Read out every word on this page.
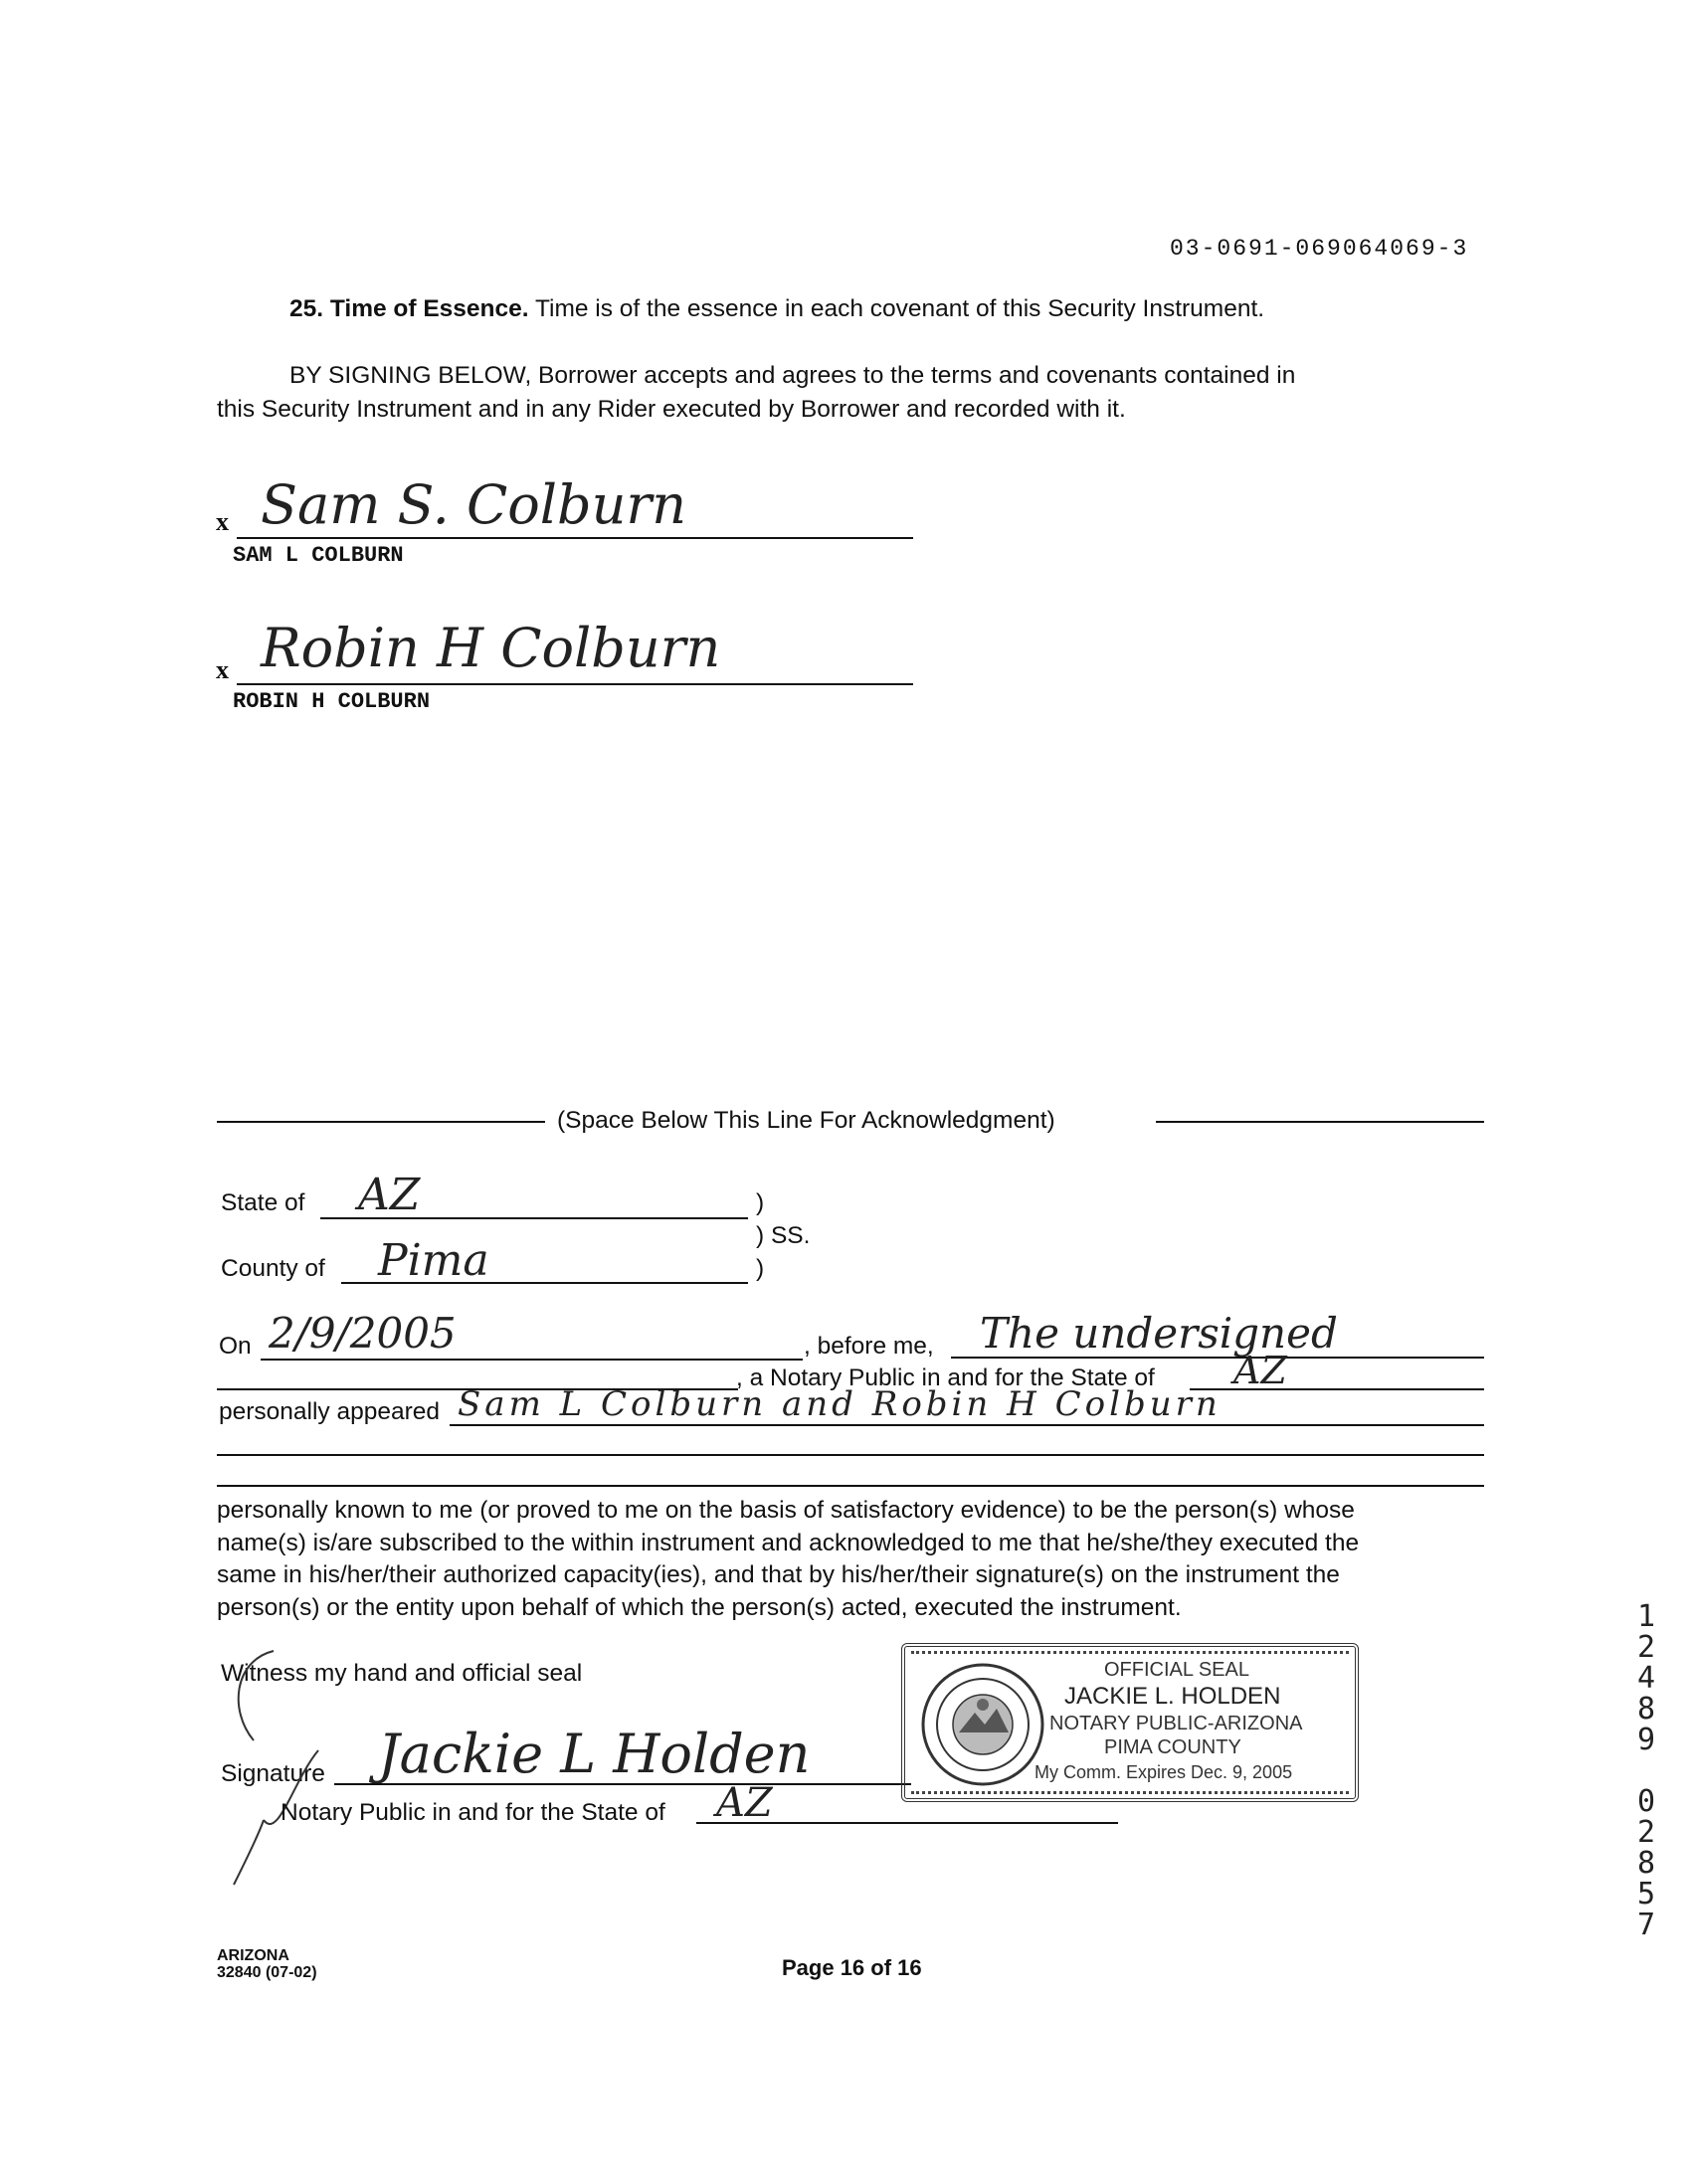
03-0691-069064069-3
25. Time of Essence. Time is of the essence in each covenant of this Security Instrument.
BY SIGNING BELOW, Borrower accepts and agrees to the terms and covenants contained in
this Security Instrument and in any Rider executed by Borrower and recorded with it.
x Sam S. Colburn
SAM L COLBURN
x Robin H Colburn
ROBIN H COLBURN
(Space Below This Line For Acknowledgment)
State of AZ	)
) SS.
County of Pima	)
On 2/9/2005	, before me, The undersigned
, a Notary Public in and for the State of AZ
personally appeared Sam L Colburn and Robin H Colburn
personally known to me (or proved to me on the basis of satisfactory evidence) to be the person(s) whose
name(s) is/are subscribed to the within instrument and acknowledged to me that he/she/they executed the
same in his/her/their authorized capacity(ies), and that by his/her/their signature(s) on the instrument the
person(s) or the entity upon behalf of which the person(s) acted, executed the instrument.
Witness my hand and official seal
Signature Jackie L Holden
Notary Public in and for the State of AZ
OFFICIAL SEAL
JACKIE L. HOLDEN
NOTARY PUBLIC-ARIZONA
PIMA COUNTY
My Comm. Expires Dec. 9, 2005
1
2
4
8
9

0
2
8
5
7
ARIZONA
32840 (07-02)	Page 16 of 16
